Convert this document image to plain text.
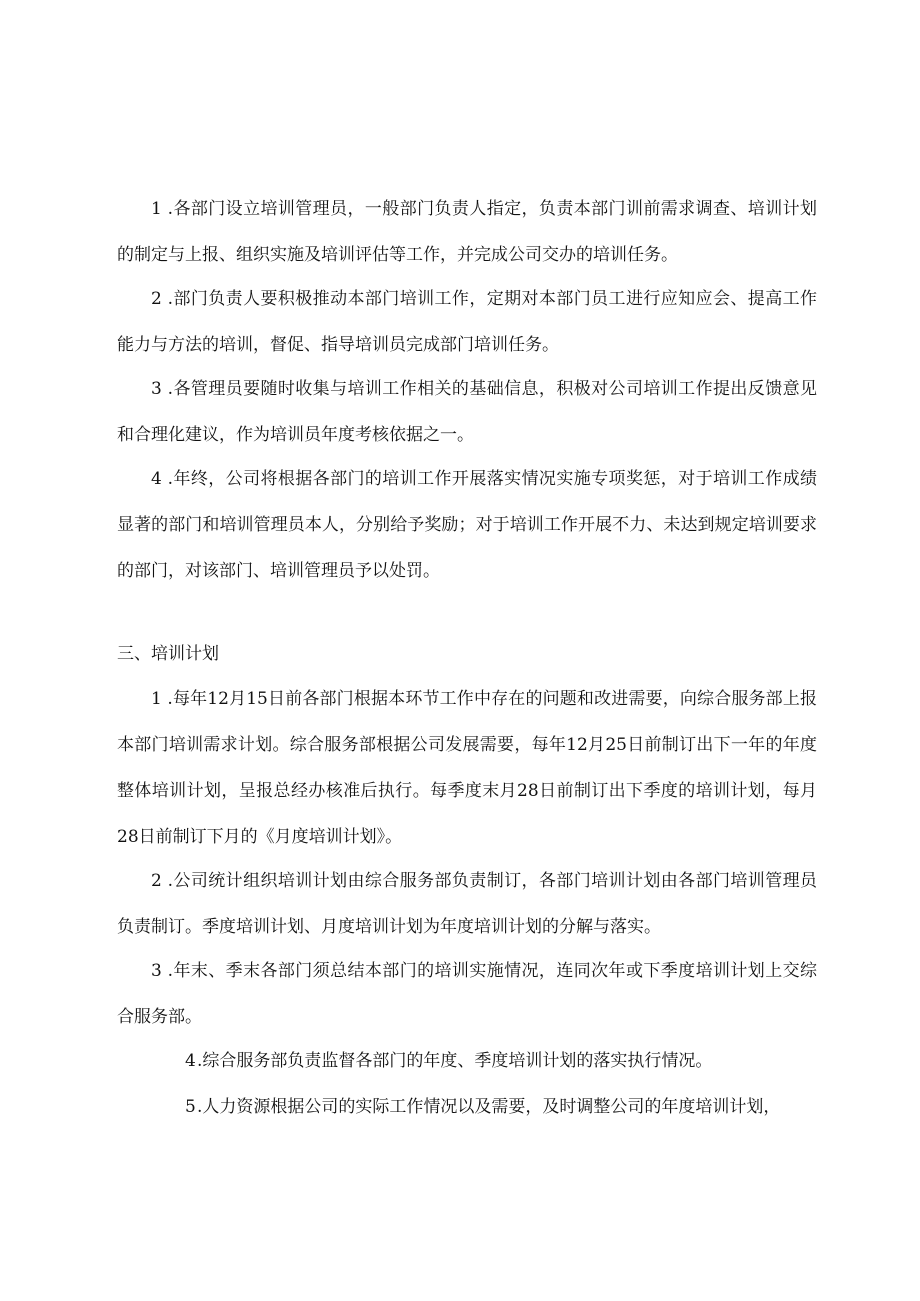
1 .各部门设立培训管理员，一般部门负责人指定，负责本部门训前需求调查、培训计划的制定与上报、组织实施及培训评估等工作，并完成公司交办的培训任务。

2 .部门负责人要积极推动本部门培训工作，定期对本部门员工进行应知应会、提高工作能力与方法的培训，督促、指导培训员完成部门培训任务。

3 .各管理员要随时收集与培训工作相关的基础信息，积极对公司培训工作提出反馈意见和合理化建议，作为培训员年度考核依据之一。

4 .年终，公司将根据各部门的培训工作开展落实情况实施专项奖惩，对于培训工作成绩显著的部门和培训管理员本人，分别给予奖励；对于培训工作开展不力、未达到规定培训要求的部门，对该部门、培训管理员予以处罚。

三、培训计划

1 .每年12月15日前各部门根据本环节工作中存在的问题和改进需要，向综合服务部上报本部门培训需求计划。综合服务部根据公司发展需要，每年12月25日前制订出下一年的年度整体培训计划，呈报总经办核准后执行。每季度末月28日前制订出下季度的培训计划，每月28日前制订下月的《月度培训计划》。

2 .公司统计组织培训计划由综合服务部负责制订，各部门培训计划由各部门培训管理员负责制订。季度培训计划、月度培训计划为年度培训计划的分解与落实。

3 .年末、季末各部门须总结本部门的培训实施情况，连同次年或下季度培训计划上交综合服务部。

4.综合服务部负责监督各部门的年度、季度培训计划的落实执行情况。

5.人力资源根据公司的实际工作情况以及需要，及时调整公司的年度培训计划，
